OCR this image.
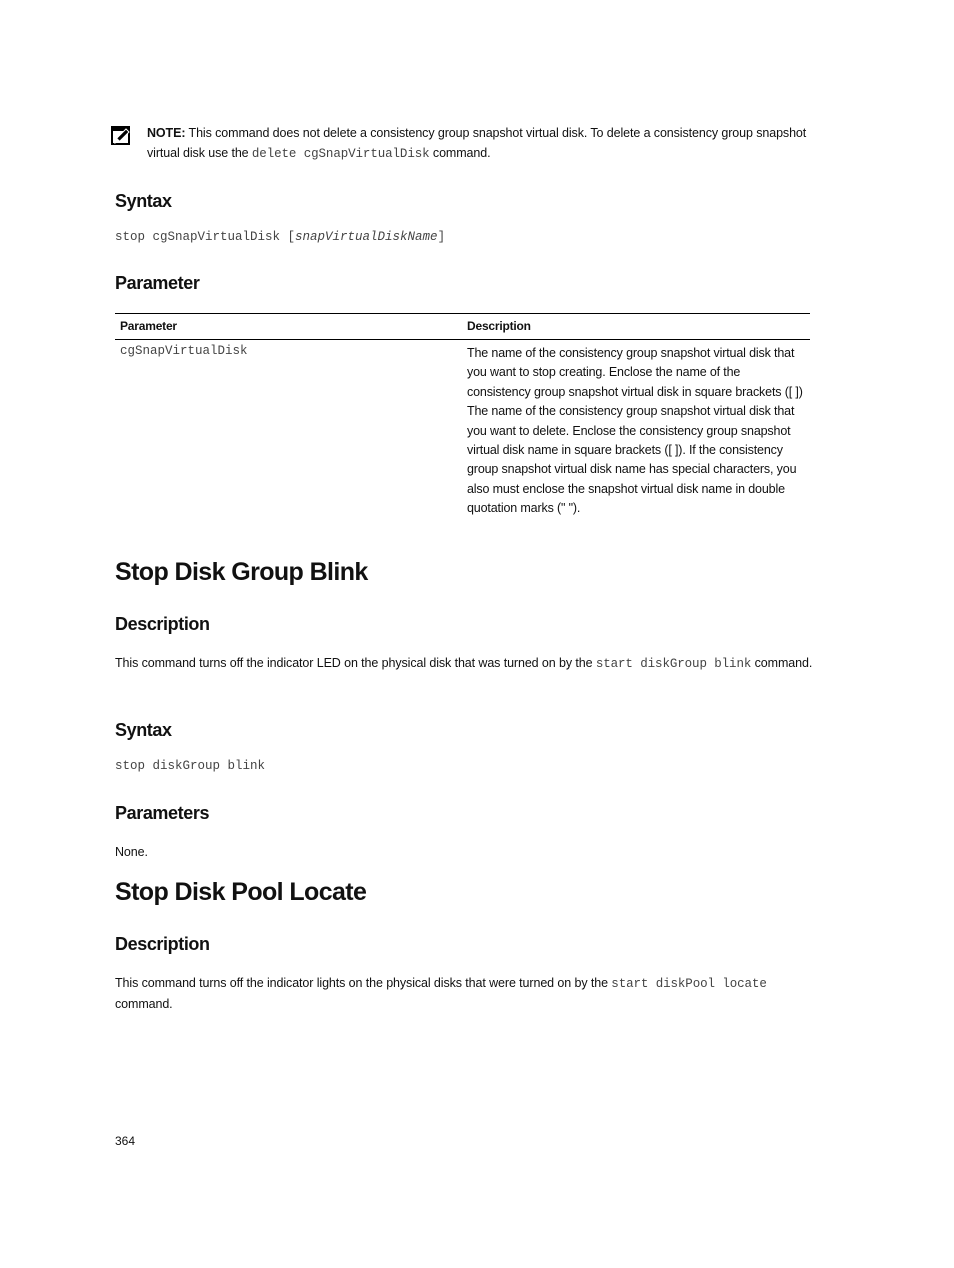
NOTE: This command does not delete a consistency group snapshot virtual disk. To delete a consistency group snapshot virtual disk use the delete cgSnapVirtualDisk command.
Syntax
stop cgSnapVirtualDisk [snapVirtualDiskName]
Parameter
Parameter	Description
cgSnapVirtualDisk	The name of the consistency group snapshot virtual disk that you want to stop creating. Enclose the name of the consistency group snapshot virtual disk in square brackets ([ ]) The name of the consistency group snapshot virtual disk that you want to delete. Enclose the consistency group snapshot virtual disk name in square brackets ([ ]). If the consistency group snapshot virtual disk name has special characters, you also must enclose the snapshot virtual disk name in double quotation marks (" ").
Stop Disk Group Blink
Description
This command turns off the indicator LED on the physical disk that was turned on by the start diskGroup blink command.
Syntax
stop diskGroup blink
Parameters
None.
Stop Disk Pool Locate
Description
This command turns off the indicator lights on the physical disks that were turned on by the start diskPool locate command.
364
